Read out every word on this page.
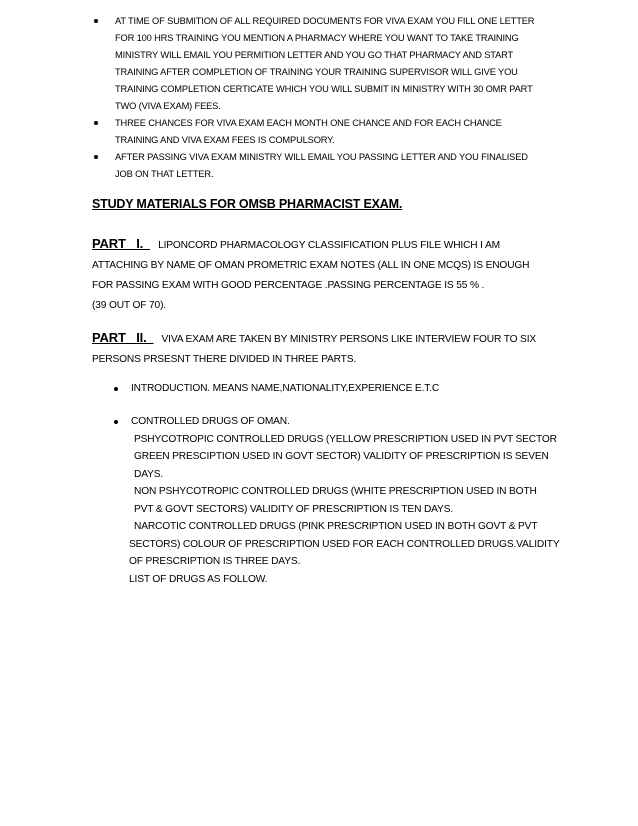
AT TIME OF SUBMITION OF ALL REQUIRED DOCUMENTS FOR VIVA EXAM YOU FILL ONE LETTER
FOR 100 HRS TRAINING YOU MENTION A PHARMACY WHERE YOU WANT TO TAKE TRAINING
MINISTRY WILL EMAIL YOU PERMITION LETTER AND YOU GO THAT PHARMACY AND START
TRAINING AFTER COMPLETION OF TRAINING YOUR TRAINING SUPERVISOR WILL GIVE YOU
TRAINING COMPLETION CERTICATE WHICH YOU WILL SUBMIT IN MINISTRY WITH 30 OMR PART
TWO (VIVA EXAM) FEES.
THREE CHANCES FOR VIVA EXAM EACH MONTH ONE CHANCE AND FOR EACH CHANCE
TRAINING AND VIVA EXAM FEES IS COMPULSORY.
AFTER PASSING VIVA EXAM MINISTRY WILL EMAIL YOU PASSING LETTER AND YOU FINALISED
JOB ON THAT LETTER.
STUDY MATERIALS FOR OMSB PHARMACIST EXAM.
PART   I.  LIPONCORD PHARMACOLOGY CLASSIFICATION PLUS FILE WHICH I AM
ATTACHING BY NAME OF OMAN PROMETRIC EXAM NOTES (ALL IN ONE MCQS) IS ENOUGH
FOR PASSING EXAM WITH GOOD PERCENTAGE .PASSING PERCENTAGE IS 55 % .
(39 OUT OF 70).
PART   II.  VIVA EXAM ARE TAKEN BY MINISTRY PERSONS LIKE INTERVIEW FOUR TO SIX
PERSONS PRSESNT THERE DIVIDED IN THREE PARTS.
INTRODUCTION. MEANS NAME,NATIONALITY,EXPERIENCE E.T.C
CONTROLLED DRUGS OF OMAN.
PSHYCOTROPIC CONTROLLED DRUGS (YELLOW PRESCRIPTION USED IN PVT SECTOR
GREEN PRESCIPTION USED IN GOVT SECTOR) VALIDITY OF PRESCRIPTION IS SEVEN
DAYS.
NON PSHYCOTROPIC CONTROLLED DRUGS (WHITE PRESCRIPTION USED IN BOTH
PVT & GOVT SECTORS) VALIDITY OF PRESCRIPTION IS TEN DAYS.
NARCOTIC CONTROLLED DRUGS (PINK PRESCRIPTION USED IN BOTH GOVT & PVT
SECTORS) COLOUR OF PRESCRIPTION USED FOR EACH CONTROLLED DRUGS.VALIDITY
OF PRESCRIPTION IS THREE DAYS.
LIST OF DRUGS AS FOLLOW.
